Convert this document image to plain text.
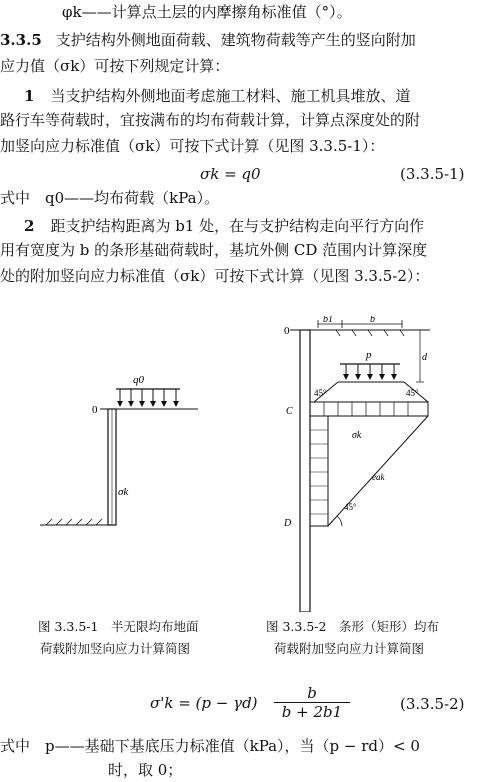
φk——计算点土层的内摩擦角标准值（°）。
3.3.5 支护结构外侧地面荷载、建筑物荷载等产生的竖向附加
应力值（σk）可按下列规定计算：
1 当支护结构外侧地面考虑施工材料、施工机具堆放、道
路行车等荷载时，宜按满布的均布荷载计算，计算点深度处的附
加竖向应力标准值（σk）可按下式计算（见图 3.3.5-1）：
σk = q0	(3.3.5-1)
式中　q0——均布荷载（kPa）。
2 距支护结构距离为 b1 处，在与支护结构走向平行方向作
用有宽度为 b 的条形基础荷载时，基坑外侧 CD 范围内计算深度
处的附加竖向应力标准值（σk）可按下式计算（见图 3.3.5-2）：
q0
0
σk
图 3.3.5-1　半无限均布地面
荷载附加竖向应力计算简图
b1	b
0
p	d
45°	45°
C
σk
eak
45°
D
图 3.3.5-2　条形（矩形）均布
荷载附加竖向应力计算简图
$\sigma'k = (p - \gamma d) \frac{b}{b + 2b1}$	(3.3.5-2)
式中　p——基础下基底压力标准值（kPa），当（p − rd）< 0
时，取 0；
